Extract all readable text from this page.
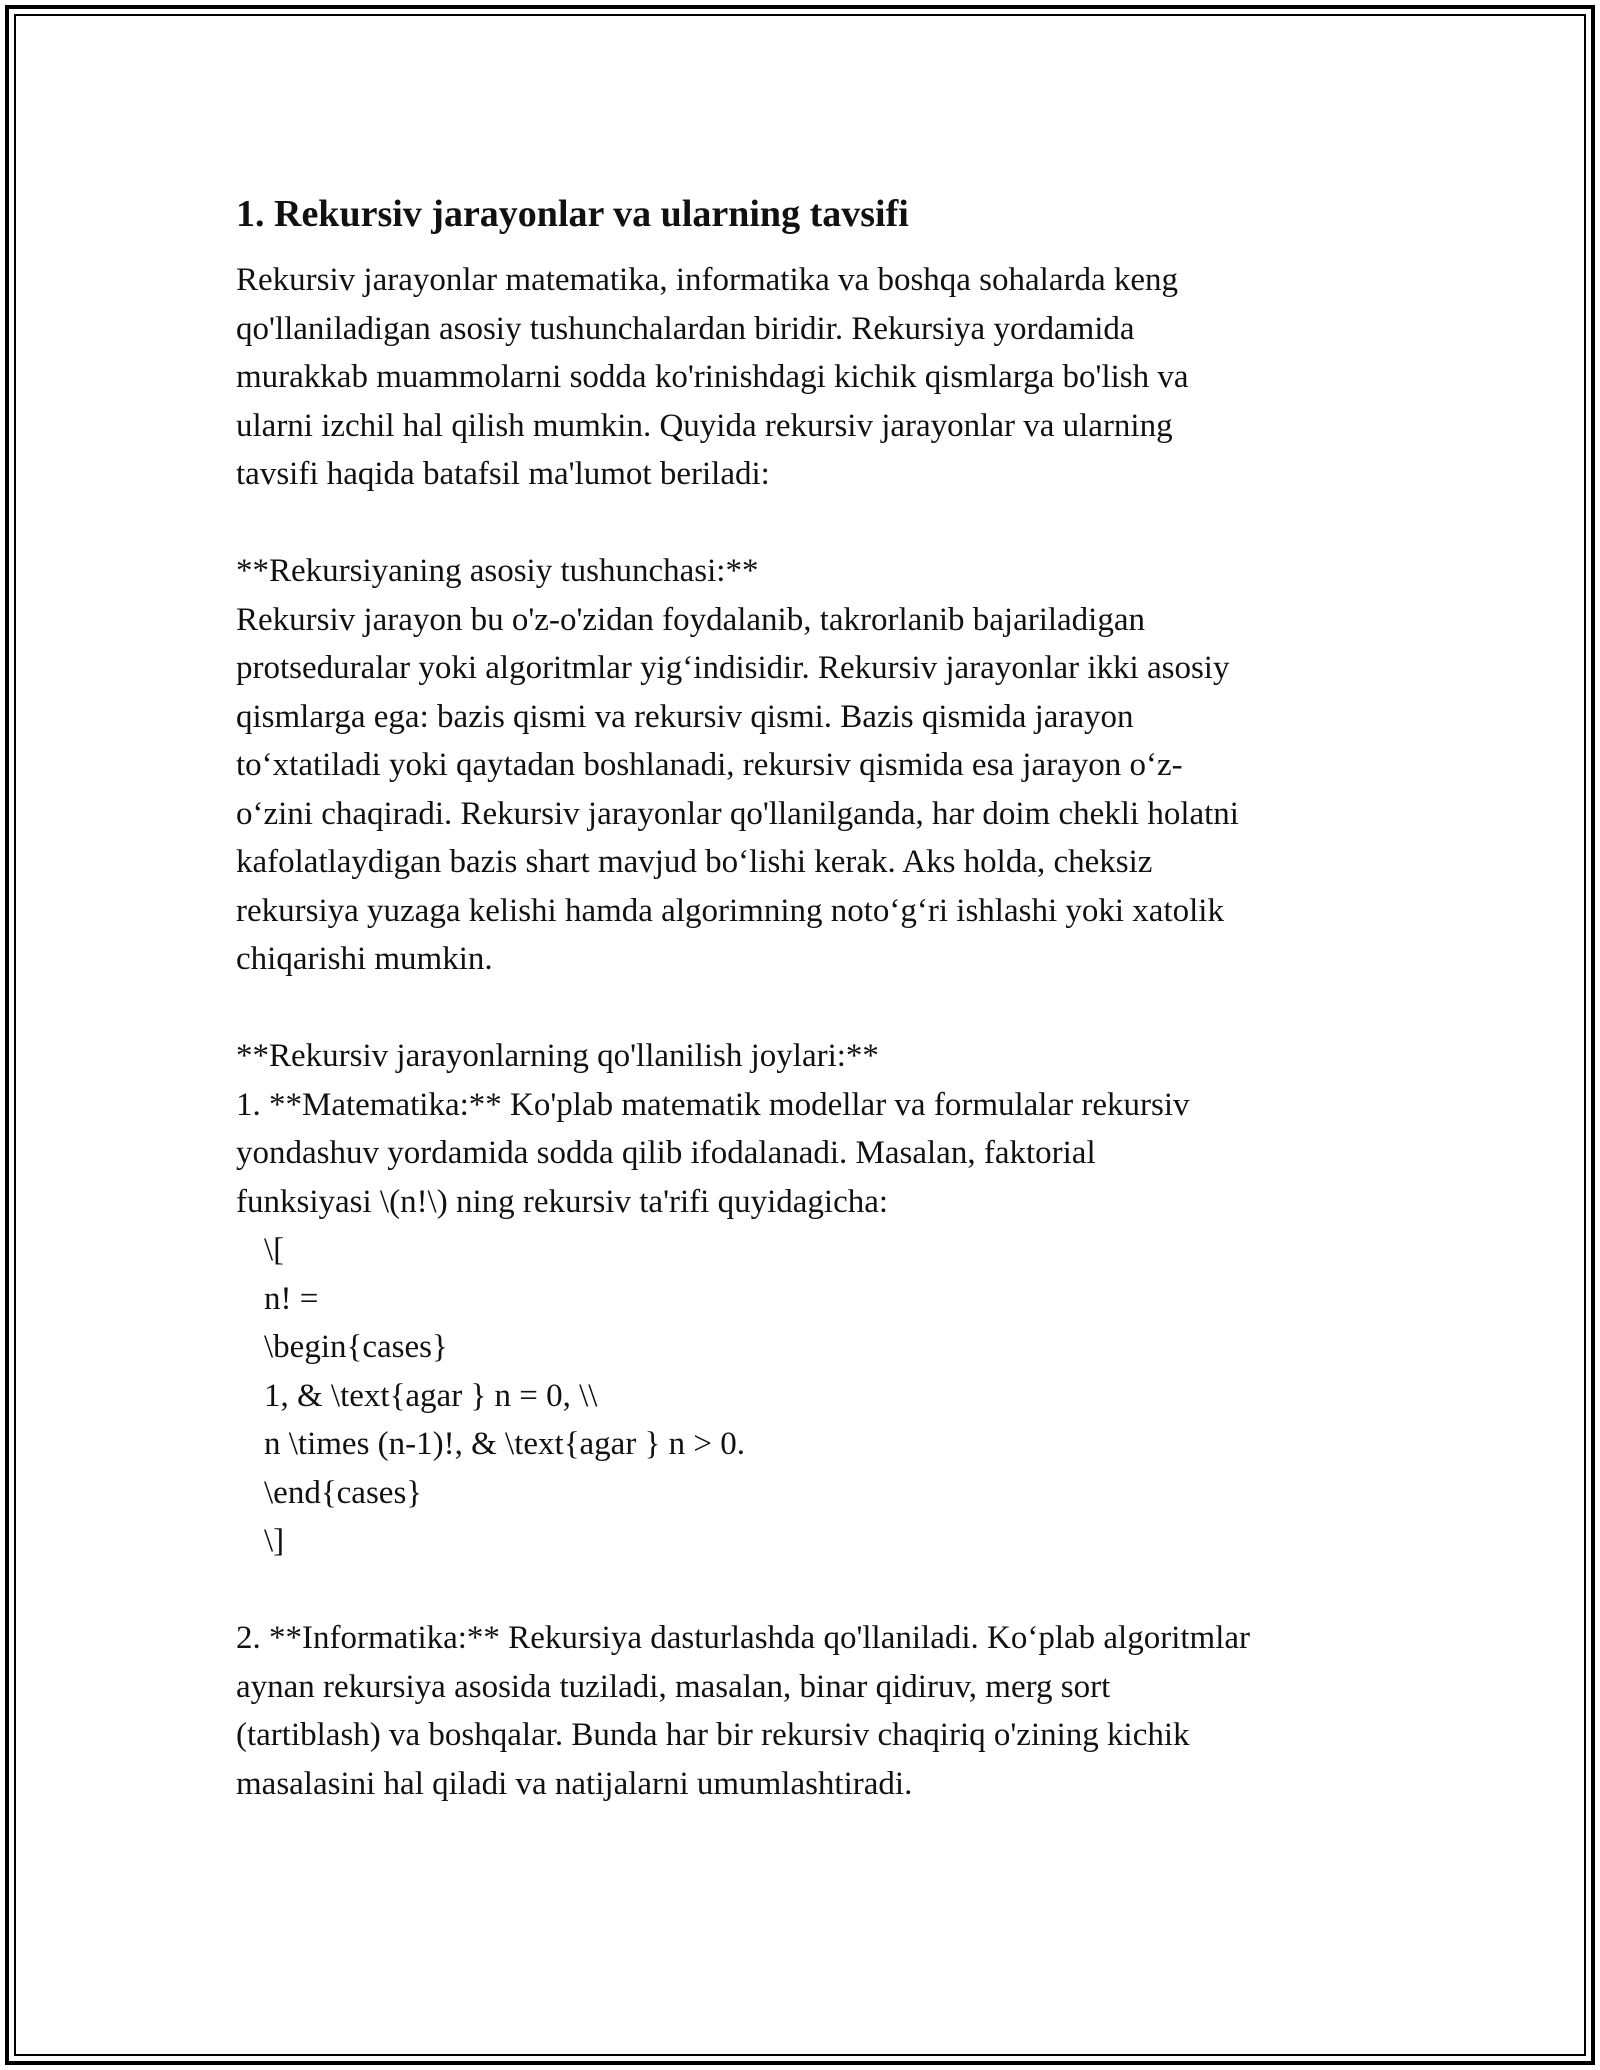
1. Rekursiv jarayonlar va ularning tavsifi

Rekursiv jarayonlar matematika, informatika va boshqa sohalarda keng
qo'llaniladigan asosiy tushunchalardan biridir. Rekursiya yordamida
murakkab muammolarni sodda ko'rinishdagi kichik qismlarga bo'lish va
ularni izchil hal qilish mumkin. Quyida rekursiv jarayonlar va ularning
tavsifi haqida batafsil ma'lumot beriladi:

**Rekursiyaning asosiy tushunchasi:**

Rekursiv jarayon bu o'z-o'zidan foydalanib, takrorlanib bajariladigan
protseduralar yoki algoritmlar yig‘indisidir. Rekursiv jarayonlar ikki asosiy
qismlarga ega: bazis qismi va rekursiv qismi. Bazis qismida jarayon
to‘xtatiladi yoki qaytadan boshlanadi, rekursiv qismida esa jarayon o‘z-
o‘zini chaqiradi. Rekursiv jarayonlar qo'llanilganda, har doim chekli holatni
kafolatlaydigan bazis shart mavjud bo‘lishi kerak. Aks holda, cheksiz
rekursiya yuzaga kelishi hamda algorimning noto‘g‘ri ishlashi yoki xatolik
chiqarishi mumkin.

**Rekursiv jarayonlarning qo'llanilish joylari:**

1. **Matematika:** Ko'plab matematik modellar va formulalar rekursiv
yondashuv yordamida sodda qilib ifodalanadi. Masalan, faktorial
funksiyasi \(n!\) ning rekursiv ta'rifi quyidagicha:

\[
n! =
\begin{cases}
1, & \text{agar } n = 0, \\
n \times (n-1)!, & \text{agar } n > 0.
\end{cases}
\]

2. **Informatika:** Rekursiya dasturlashda qo'llaniladi. Ko‘plab algoritmlar
aynan rekursiya asosida tuziladi, masalan, binar qidiruv, merg sort
(tartiblash) va boshqalar. Bunda har bir rekursiv chaqiriq o'zining kichik
masalasini hal qiladi va natijalarni umumlashtiradi.
